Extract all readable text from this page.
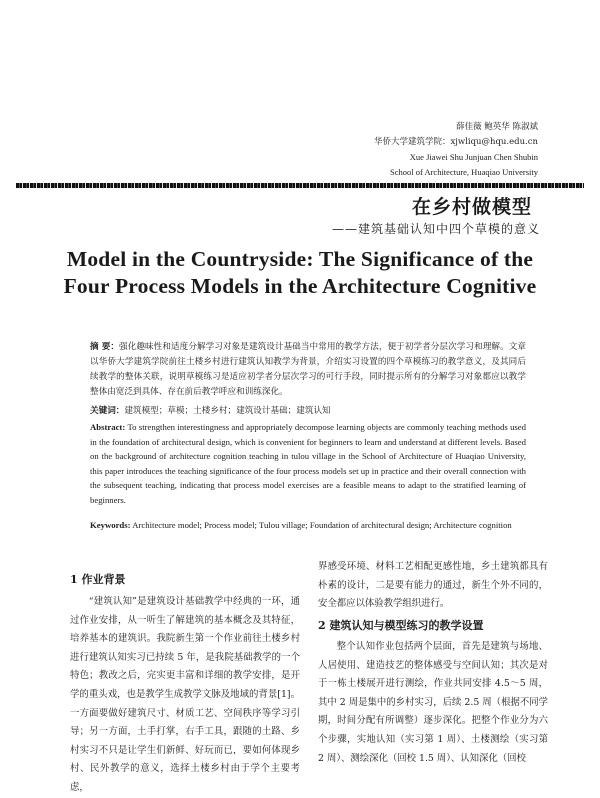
薛佳薇 鲍英华 陈淑斌
华侨大学建筑学院：xjwliqu@hqu.edu.cn
Xue Jiawei Shu Junjuan Chen Shubin
School of Architecture, Huaqiao University
在乡村做模型
——建筑基础认知中四个草模的意义
Model in the Countryside: The Significance of the
Four Process Models in the Architecture Cognitive
摘 要：强化趣味性和适度分解学习对象是建筑设计基础当中常用的教学方法，便于初学者分层次学习和理解。文章以华侨大学建筑学院前往土楼乡村进行建筑认知教学为背景，介绍实习设置的四个草模练习的教学意义，及其同后续教学的整体关联，说明草模练习是适应初学者分层次学习的可行手段，同时提示所有的分解学习对象都应以教学整体由宽泛到具体、存在前后教学呼应和训练深化。
关键词：建筑模型；草模；土楼乡村；建筑设计基础；建筑认知
Abstract: To strengthen interestingness and appropriately decompose learning objects are commonly teaching methods used in the foundation of architectural design, which is convenient for beginners to learn and understand at different levels. Based on the background of architecture cognition teaching in tulou village in the School of Architecture of Huaqiao University, this paper introduces the teaching significance of the four process models set up in practice and their overall connection with the subsequent teaching, indicating that process model exercises are a feasible means to adapt to the stratified learning of beginners.
Keywords: Architecture model; Process model; Tulou village; Foundation of architectural design; Architecture cognition
1 作业背景

“建筑认知”是建筑设计基础教学中经典的一环，通过作业安排，从一听生了解建筑的基本概念及其特征，培养基本的建筑识。我院新生第一个作业前往土楼乡村进行建筑认知实习已持续 5 年，是我院基础教学的一个特色；教改之后，完实更丰富和详细的教学安排，是开学的重头戏，也是教学生成教学文脉及地域的背景[1]。一方面要做好建筑尺寸、材质工艺、空间秩序等学习引导；另一方面，土手打掌，右手工具，跟随的土路、乡村实习不只是让学生们新鲜、好玩而已，要如何体现乡村、民外教学的意义，选择土楼乡村由于学个主要考虑，

界感受环境、材料工艺相配更感性地，乡土建筑都具有朴素的设计，二是要有能力的通过，新生个外不同的，安全都应以体验教学组织进行。

2 建筑认知与模型练习的教学设置

整个认知作业包括两个层面，首先是建筑与场地、人居使用、建造技艺的整体感受与空间认知；其次是对于一栋土楼展开进行测绘，作业共同安排 4.5～5 周，其中 2 周是集中的乡村实习，后续 2.5 周（根据不同学期，时间分配有所调整）逐步深化。把整个作业分为六个步骤，实地认知（实习第 1 周）、土楼测绘（实习第 2 周）、测绘深化（回校 1.5 周）、认知深化（回校
